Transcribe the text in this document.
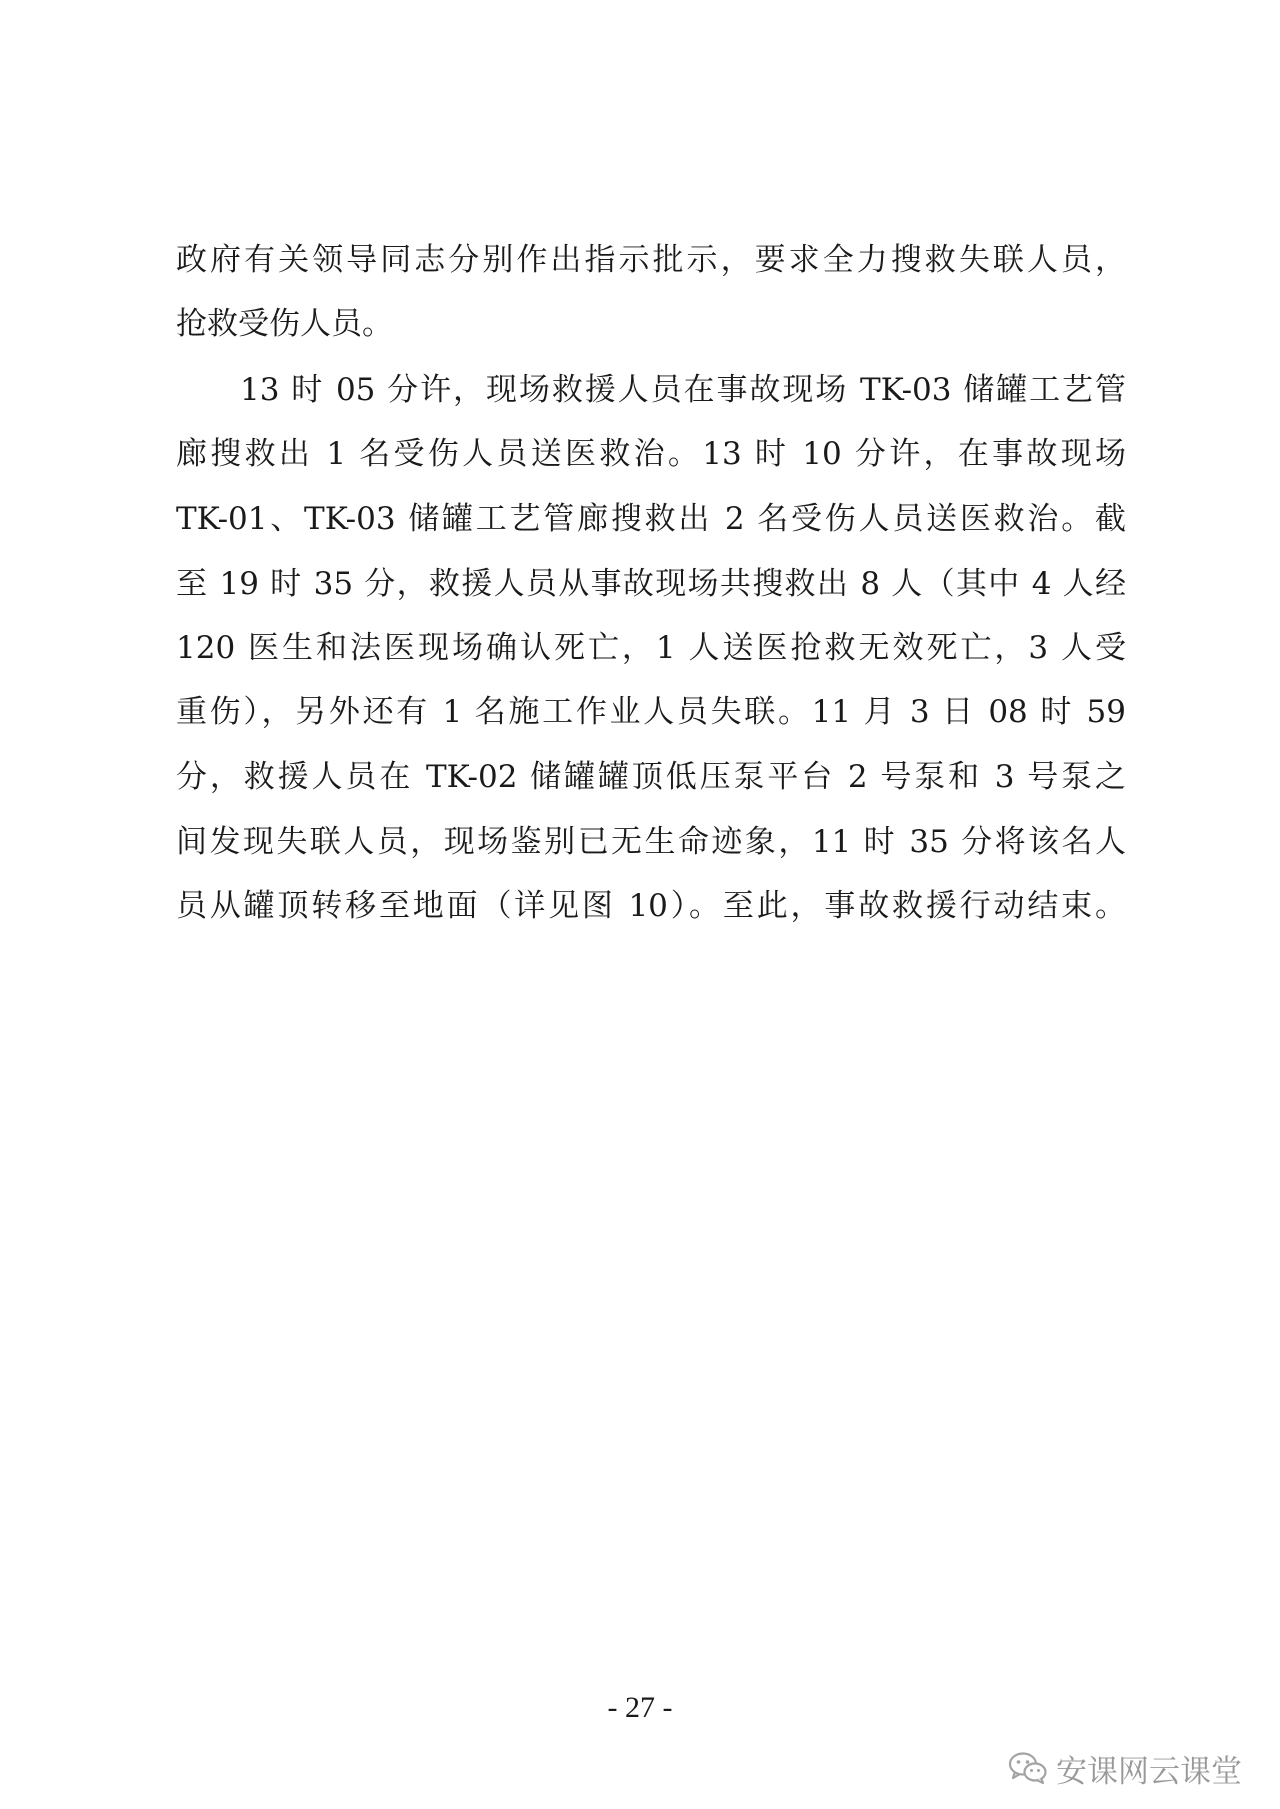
政府有关领导同志分别作出指示批示，要求全力搜救失联人员，
抢救受伤人员。
13 时 05 分许，现场救援人员在事故现场 TK-03 储罐工艺管
廊搜救出 1 名受伤人员送医救治。13 时 10 分许，在事故现场
TK-01、TK-03 储罐工艺管廊搜救出 2 名受伤人员送医救治。截
至 19 时 35 分，救援人员从事故现场共搜救出 8 人（其中 4 人经
120 医生和法医现场确认死亡，1 人送医抢救无效死亡，3 人受
重伤），另外还有 1 名施工作业人员失联。11 月 3 日 08 时 59
分，救援人员在 TK-02 储罐罐顶低压泵平台 2 号泵和 3 号泵之
间发现失联人员，现场鉴别已无生命迹象，11 时 35 分将该名人
员从罐顶转移至地面（详见图 10）。至此，事故救援行动结束。
- 27 -
安课网云课堂
